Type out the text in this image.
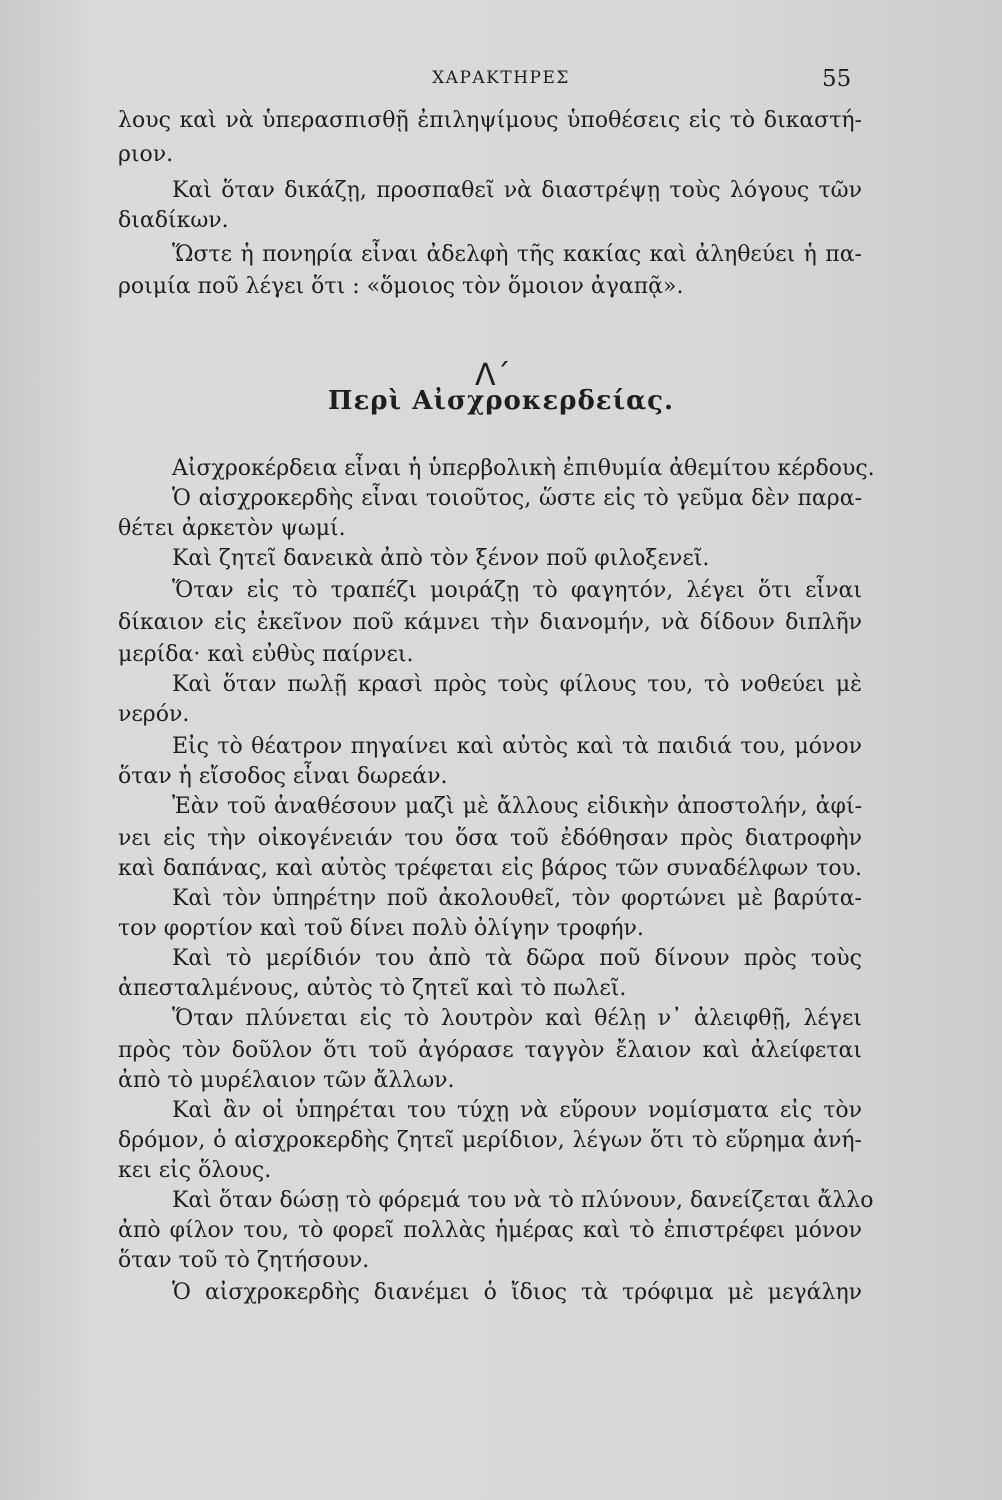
ΧΑΡΑΚΤΗΡΕΣ	55
λους καὶ νὰ ὑπερασπισθῇ ἐπιληψίμους ὑποθέσεις εἰς τὸ δικαστή-
ριον.
Καὶ ὅταν δικάζῃ, προσπαθεῖ νὰ διαστρέψῃ τοὺς λόγους τῶν
διαδίκων.
Ὥστε ἡ πονηρία εἶναι ἀδελφὴ τῆς κακίας καὶ ἀληθεύει ἡ πα-
ροιμία ποῦ λέγει ὅτι : «ὅμοιος τὸν ὅμοιον ἀγαπᾷ».
Λ΄
Περὶ Αἰσχροκερδείας.
Αἰσχροκέρδεια εἶναι ἡ ὑπερβολικὴ ἐπιθυμία ἀθεμίτου κέρδους.
Ὁ αἰσχροκερδὴς εἶναι τοιοῦτος, ὥστε εἰς τὸ γεῦμα δὲν παρα-
θέτει ἀρκετὸν ψωμί.
Καὶ ζητεῖ δανεικὰ ἀπὸ τὸν ξένον ποῦ φιλοξενεῖ.
Ὅταν εἰς τὸ τραπέζι μοιράζῃ τὸ φαγητόν, λέγει ὅτι εἶναι
δίκαιον εἰς ἐκεῖνον ποῦ κάμνει τὴν διανομήν, νὰ δίδουν διπλῆν
μερίδα· καὶ εὐθὺς παίρνει.
Καὶ ὅταν πωλῇ κρασὶ πρὸς τοὺς φίλους του, τὸ νοθεύει μὲ
νερόν.
Εἰς τὸ θέατρον πηγαίνει καὶ αὐτὸς καὶ τὰ παιδιά του, μόνον
ὅταν ἡ εἴσοδος εἶναι δωρεάν.
Ἐὰν τοῦ ἀναθέσουν μαζὶ μὲ ἄλλους εἰδικὴν ἀποστολήν, ἀφί-
νει εἰς τὴν οἰκογένειάν του ὅσα τοῦ ἐδόθησαν πρὸς διατροφὴν
καὶ δαπάνας, καὶ αὐτὸς τρέφεται εἰς βάρος τῶν συναδέλφων του.
Καὶ τὸν ὑπηρέτην ποῦ ἀκολουθεῖ, τὸν φορτώνει μὲ βαρύτα-
τον φορτίον καὶ τοῦ δίνει πολὺ ὀλίγην τροφήν.
Καὶ τὸ μερίδιόν του ἀπὸ τὰ δῶρα ποῦ δίνουν πρὸς τοὺς
ἀπεσταλμένους, αὐτὸς τὸ ζητεῖ καὶ τὸ πωλεῖ.
Ὅταν πλύνεται εἰς τὸ λουτρὸν καὶ θέλῃ ν᾿ ἀλειφθῇ, λέγει
πρὸς τὸν δοῦλον ὅτι τοῦ ἀγόρασε ταγγὸν ἔλαιον καὶ ἀλείφεται
ἀπὸ τὸ μυρέλαιον τῶν ἄλλων.
Καὶ ἂν οἱ ὑπηρέται του τύχῃ νὰ εὕρουν νομίσματα εἰς τὸν
δρόμον, ὁ αἰσχροκερδὴς ζητεῖ μερίδιον, λέγων ὅτι τὸ εὕρημα ἀνή-
κει εἰς ὅλους.
Καὶ ὅταν δώσῃ τὸ φόρεμά του νὰ τὸ πλύνουν, δανείζεται ἄλλο
ἀπὸ φίλον του, τὸ φορεῖ πολλὰς ἡμέρας καὶ τὸ ἐπιστρέφει μόνον
ὅταν τοῦ τὸ ζητήσουν.
Ὁ αἰσχροκερδὴς διανέμει ὁ ἴδιος τὰ τρόφιμα μὲ μεγάλην
